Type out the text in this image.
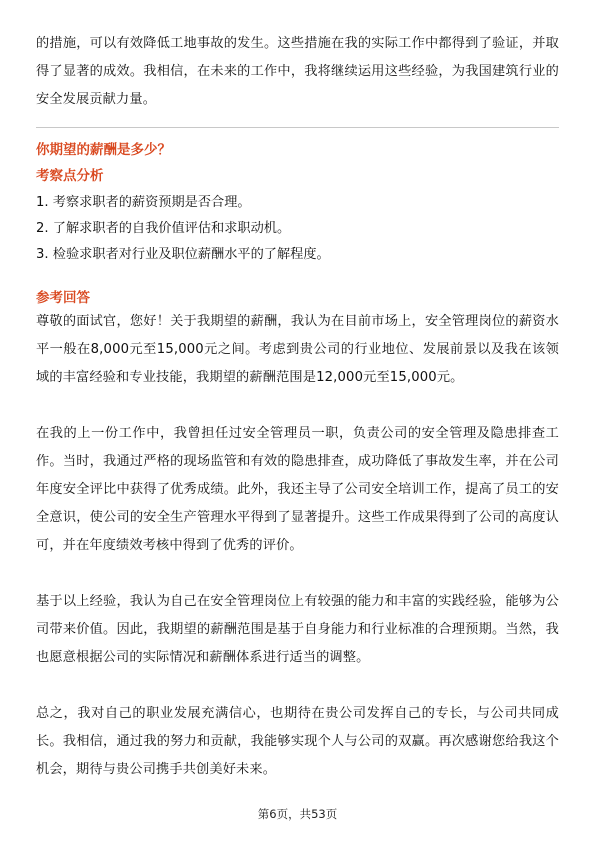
的措施，可以有效降低工地事故的发生。这些措施在我的实际工作中都得到了验证，并取得了显著的成效。我相信，在未来的工作中，我将继续运用这些经验，为我国建筑行业的安全发展贡献力量。

你期望的薪酬是多少？

考察点分析

1. 考察求职者的薪资预期是否合理。
2. 了解求职者的自我价值评估和求职动机。
3. 检验求职者对行业及职位薪酬水平的了解程度。

参考回答

尊敬的面试官，您好！关于我期望的薪酬，我认为在目前市场上，安全管理岗位的薪资水平一般在8,000元至15,000元之间。考虑到贵公司的行业地位、发展前景以及我在该领域的丰富经验和专业技能，我期望的薪酬范围是12,000元至15,000元。

在我的上一份工作中，我曾担任过安全管理员一职，负责公司的安全管理及隐患排查工作。当时，我通过严格的现场监管和有效的隐患排查，成功降低了事故发生率，并在公司年度安全评比中获得了优秀成绩。此外，我还主导了公司安全培训工作，提高了员工的安全意识，使公司的安全生产管理水平得到了显著提升。这些工作成果得到了公司的高度认可，并在年度绩效考核中得到了优秀的评价。

基于以上经验，我认为自己在安全管理岗位上有较强的能力和丰富的实践经验，能够为公司带来价值。因此，我期望的薪酬范围是基于自身能力和行业标准的合理预期。当然，我也愿意根据公司的实际情况和薪酬体系进行适当的调整。

总之，我对自己的职业发展充满信心，也期待在贵公司发挥自己的专长，与公司共同成长。我相信，通过我的努力和贡献，我能够实现个人与公司的双赢。再次感谢您给我这个机会，期待与贵公司携手共创美好未来。

第6页，共53页
